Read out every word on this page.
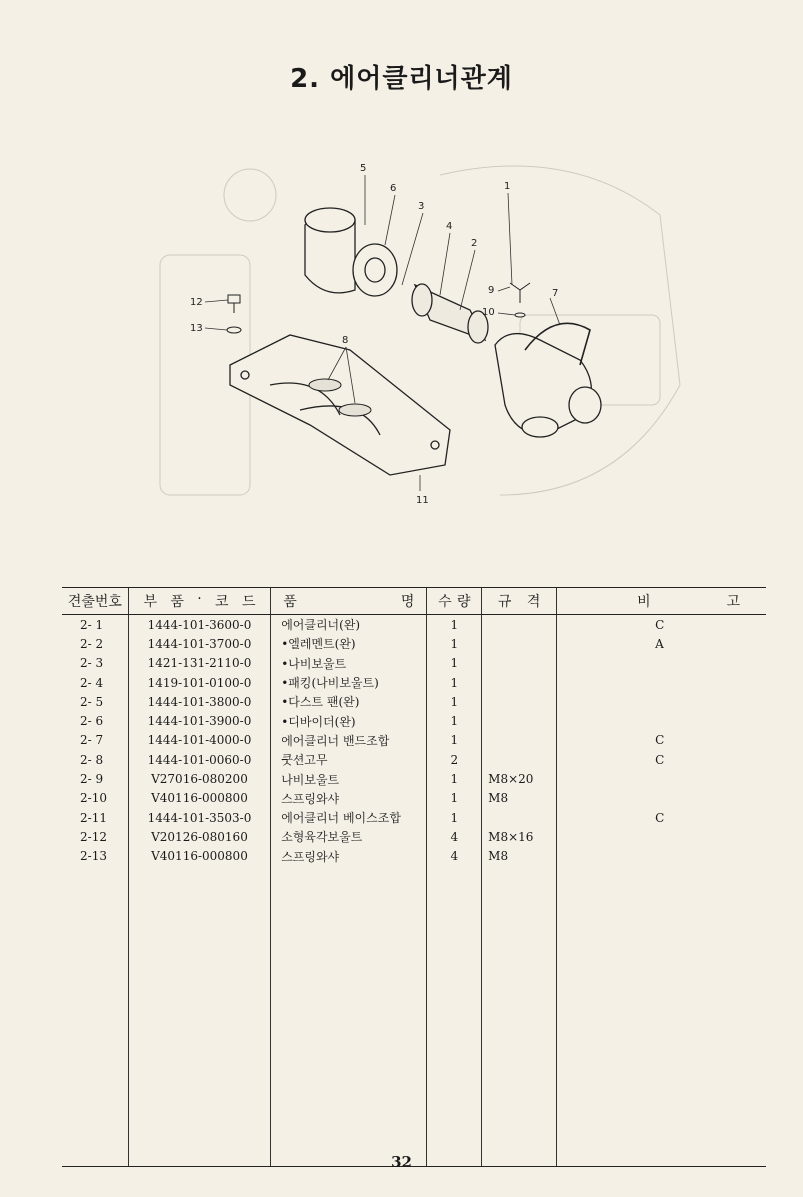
2. 에어클리너관계
5
6
3
4
2
1
7
8
9
10
11
12
13
견출번호	부 품 · 코 드	품 명	수 량	규 격	비 고

2- 1	1444-101-3600-0	에어클리너(완)	1		C
2- 2	1444-101-3700-0	•엘레멘트(완)	1		A
2- 3	1421-131-2110-0	•나비보울트	1		
2- 4	1419-101-0100-0	•패킹(나비보울트)	1		
2- 5	1444-101-3800-0	•다스트 팬(완)	1		
2- 6	1444-101-3900-0	•디바이더(완)	1		
2- 7	1444-101-4000-0	에어클리너 밴드조합	1		C
2- 8	1444-101-0060-0	쿳션고무	2		C
2- 9	V27016-080200	나비보울트	1	M8×20	
2-10	V40116-000800	스프링와샤	1	M8	
2-11	1444-101-3503-0	에어클리너 베이스조합	1		C
2-12	V20126-080160	소형육각보울트	4	M8×16	
2-13	V40116-000800	스프링와샤	4	M8	

32
